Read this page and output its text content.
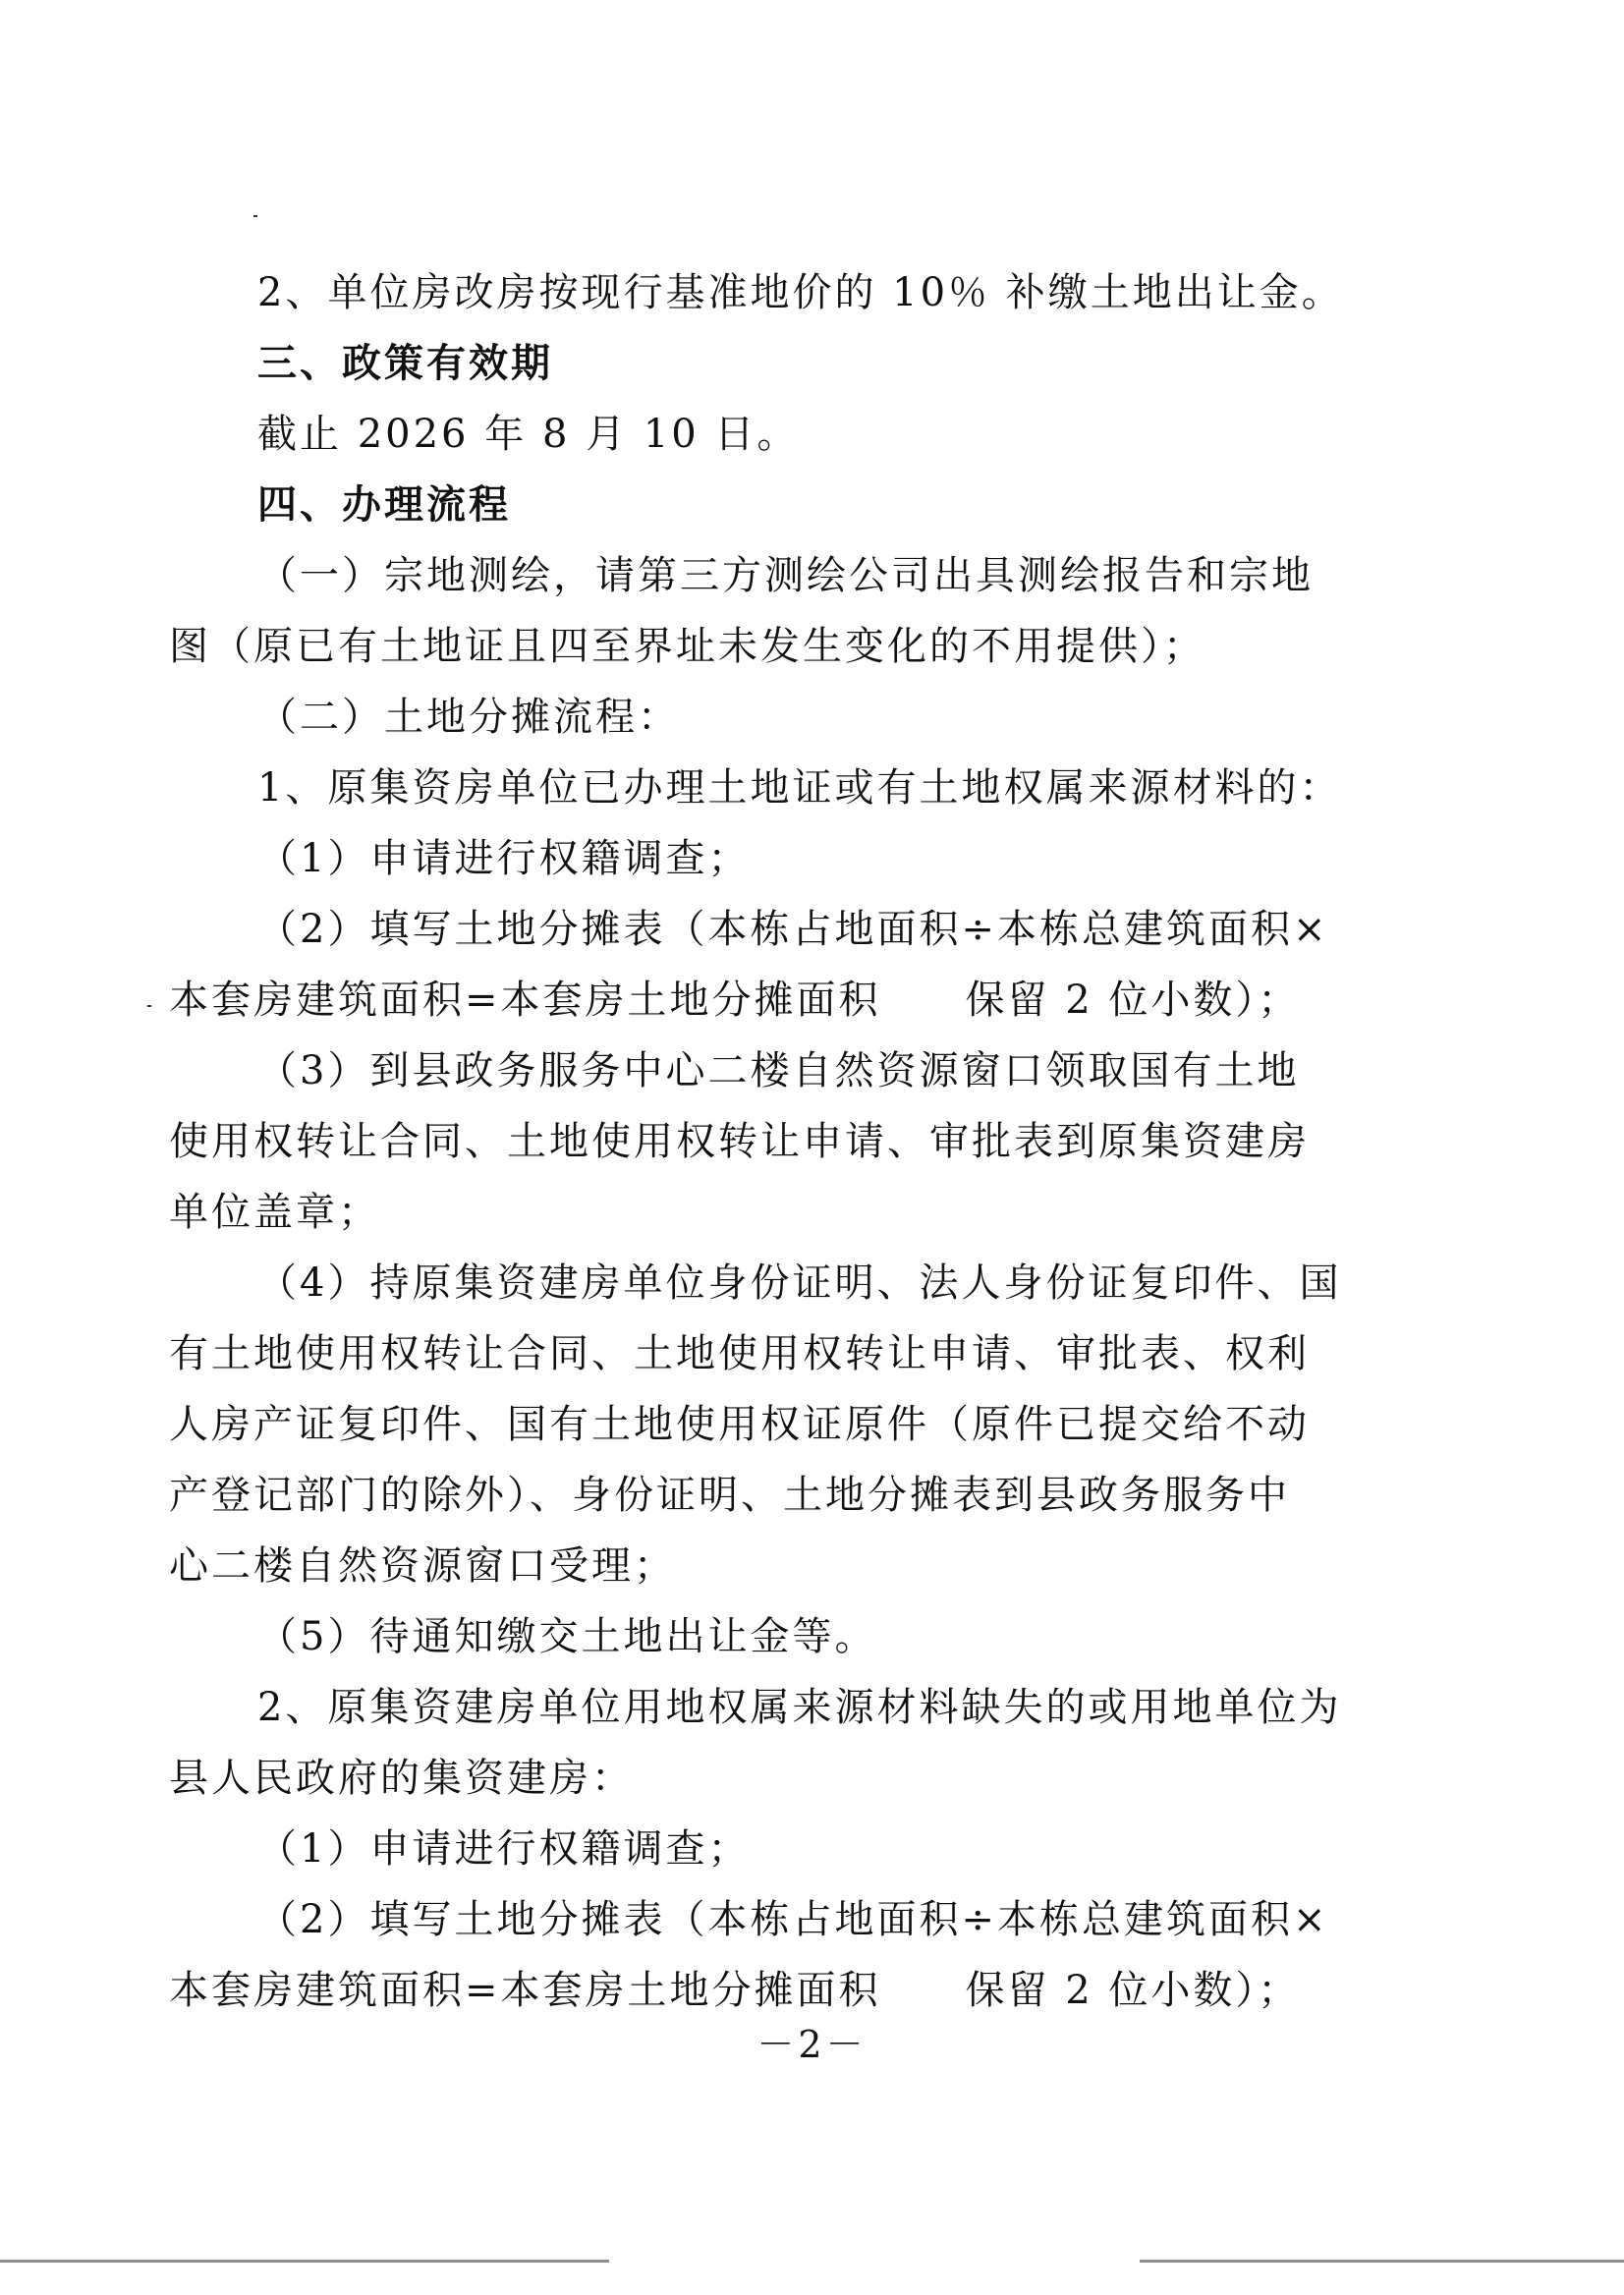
2、单位房改房按现行基准地价的 10％ 补缴土地出让金。
三、政策有效期
截止 2026 年 8 月 10 日。
四、办理流程
（一）宗地测绘，请第三方测绘公司出具测绘报告和宗地
图（原已有土地证且四至界址未发生变化的不用提供）；
（二）土地分摊流程：
1、原集资房单位已办理土地证或有土地权属来源材料的：
（1）申请进行权籍调查；
（2）填写土地分摊表（本栋占地面积÷本栋总建筑面积×
本套房建筑面积=本套房土地分摊面积　　保留 2 位小数）；
（3）到县政务服务中心二楼自然资源窗口领取国有土地
使用权转让合同、土地使用权转让申请、审批表到原集资建房
单位盖章；
（4）持原集资建房单位身份证明、法人身份证复印件、国
有土地使用权转让合同、土地使用权转让申请、审批表、权利
人房产证复印件、国有土地使用权证原件（原件已提交给不动
产登记部门的除外）、身份证明、土地分摊表到县政务服务中
心二楼自然资源窗口受理；
（5）待通知缴交土地出让金等。
2、原集资建房单位用地权属来源材料缺失的或用地单位为
县人民政府的集资建房：
（1）申请进行权籍调查；
（2）填写土地分摊表（本栋占地面积÷本栋总建筑面积×
本套房建筑面积=本套房土地分摊面积　　保留 2 位小数）；
－2－
